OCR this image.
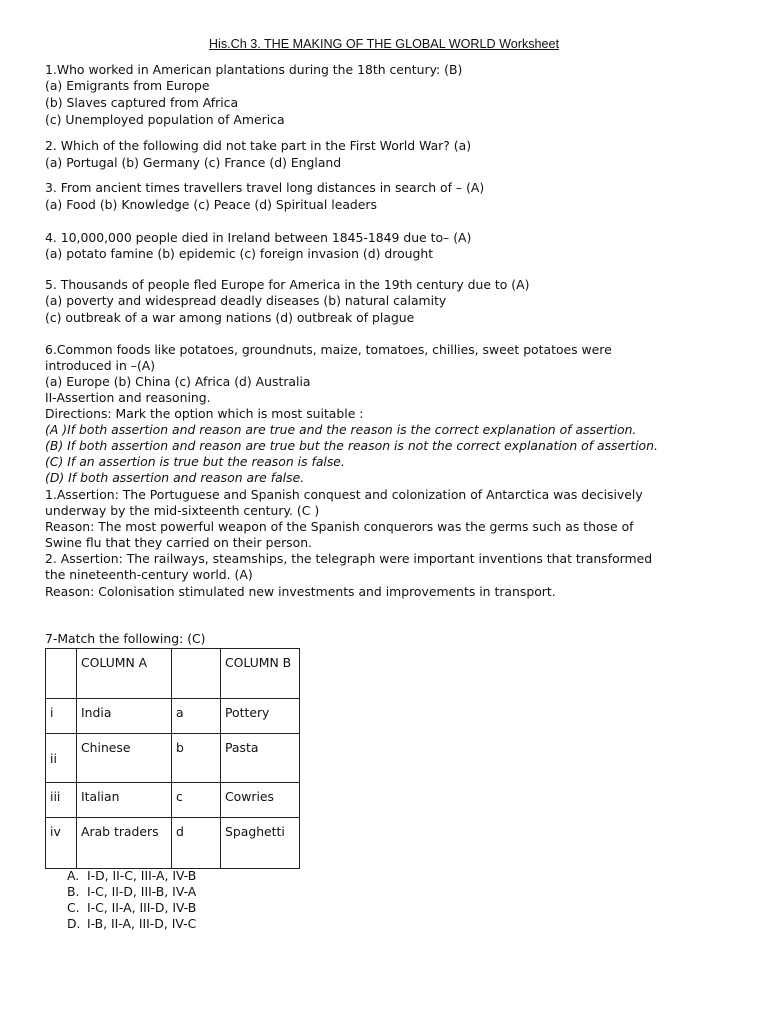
His.Ch 3. THE MAKING OF THE GLOBAL WORLD Worksheet
1.Who worked in American plantations during the 18th century: (B)
(a) Emigrants from Europe
(b) Slaves captured from Africa
(c) Unemployed population of America
2. Which of the following did not take part in the First World War? (a)
(a) Portugal (b) Germany (c) France (d) England
3. From ancient times travellers travel long distances in search of – (A)
(a) Food (b) Knowledge (c) Peace (d) Spiritual leaders
4. 10,000,000 people died in Ireland between 1845-1849 due to– (A)
(a) potato famine (b) epidemic (c) foreign invasion (d) drought
5. Thousands of people fled Europe for America in the 19th century due to (A)
(a) poverty and widespread deadly diseases (b) natural calamity
(c) outbreak of a war among nations (d) outbreak of plague
6.Common foods like potatoes, groundnuts, maize, tomatoes, chillies, sweet potatoes were
introduced in –(A)
(a) Europe (b) China (c) Africa (d) Australia
II-Assertion and reasoning.
Directions: Mark the option which is most suitable :
(A )If both assertion and reason are true and the reason is the correct explanation of assertion.
(B) If both assertion and reason are true but the reason is not the correct explanation of assertion.
(C) If an assertion is true but the reason is false.
(D) If both assertion and reason are false.
1.Assertion: The Portuguese and Spanish conquest and colonization of Antarctica was decisively
underway by the mid-sixteenth century. (C )
Reason: The most powerful weapon of the Spanish conquerors was the germs such as those of
Swine flu that they carried on their person.
2. Assertion: The railways, steamships, the telegraph were important inventions that transformed
the nineteenth-century world. (A)
Reason: Colonisation stimulated new investments and improvements in transport.
7-Match the following: (C)
	COLUMN A		COLUMN B
i	India	a	Pottery
ii	Chinese	b	Pasta
iii	Italian	c	Cowries
iv	Arab traders	d	Spaghetti
A. I-D, II-C, III-A, IV-B
B. I-C, II-D, III-B, IV-A
C. I-C, II-A, III-D, IV-B
D. I-B, II-A, III-D, IV-C
